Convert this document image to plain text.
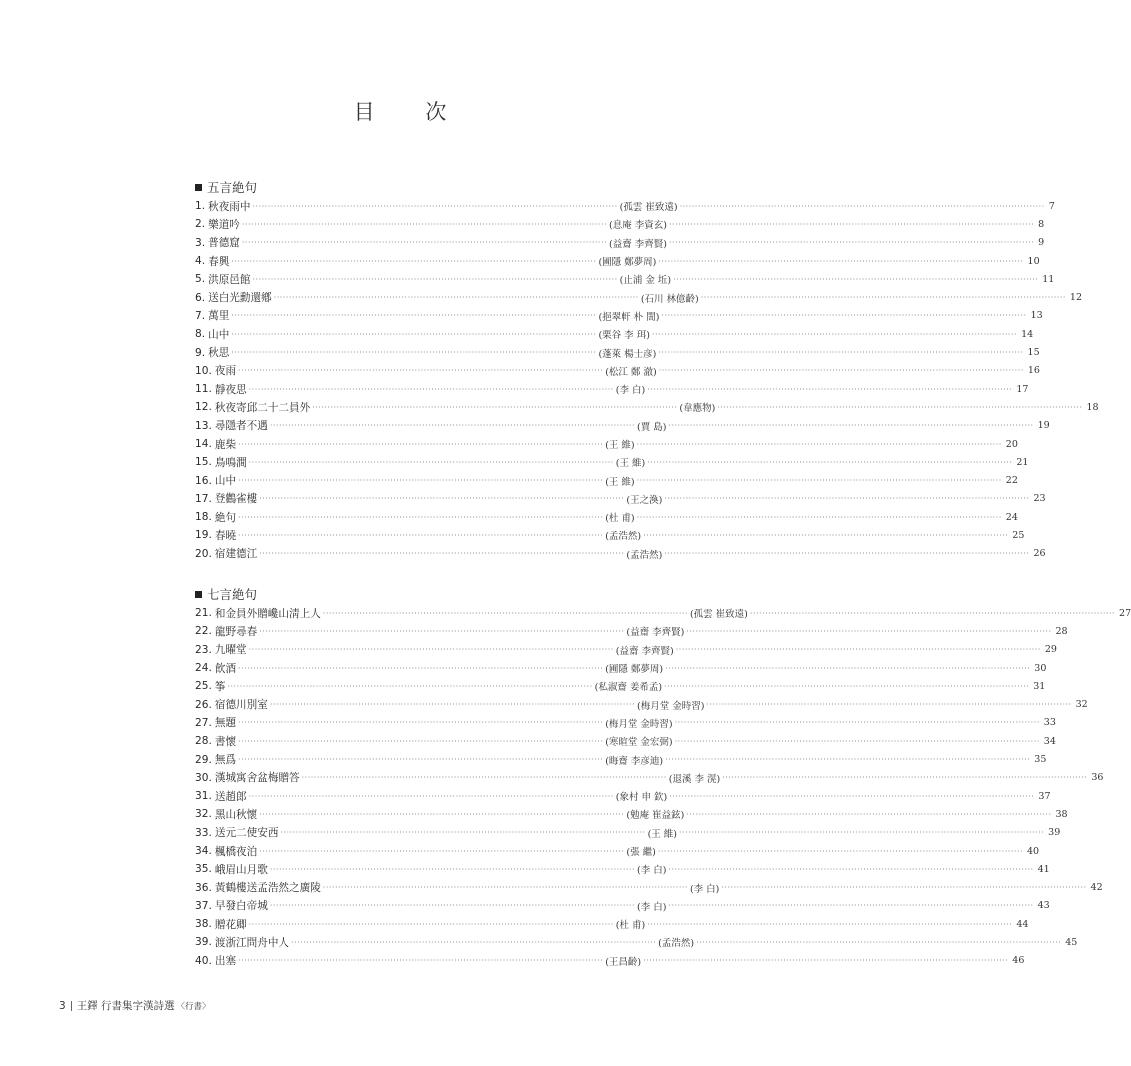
目 次
五言絶句
1. 秋夜雨中 ························································································································ (孤雲 崔致遠) ························································································································ 7
2. 樂道吟 ························································································································ (息庵 李資玄) ························································································································ 8
3. 普德窟 ························································································································ (益齋 李齊賢) ························································································································ 9
4. 春興 ························································································································ (圃隱 鄭夢周) ························································································································ 10
5. 洪原邑館 ························································································································ (止浦 金 坵) ························································································································ 11
6. 送白光勳還鄕 ························································································································ (石川 林億齡) ························································································································ 12
7. 萬里 ························································································································ (挹翠軒 朴 誾) ························································································································ 13
8. 山中 ························································································································ (栗谷 李 珥) ························································································································ 14
9. 秋思 ························································································································ (蓬萊 楊士彦) ························································································································ 15
10. 夜雨 ························································································································ (松江 鄭 澈) ························································································································ 16
11. 靜夜思 ························································································································ (李 白) ························································································································ 17
12. 秋夜寄邱二十二員外 ························································································································ (韋應物) ························································································································ 18
13. 尋隱者不遇 ························································································································ (賈 島) ························································································································ 19
14. 鹿柴 ························································································································ (王 維) ························································································································ 20
15. 鳥鳴澗 ························································································································ (王 維) ························································································································ 21
16. 山中 ························································································································ (王 維) ························································································································ 22
17. 登鸛雀樓 ························································································································ (王之渙) ························································································································ 23
18. 絶句 ························································································································ (杜 甫) ························································································································ 24
19. 春曉 ························································································································ (孟浩然) ························································································································ 25
20. 宿建德江 ························································································································ (孟浩然) ························································································································ 26
七言絶句
21. 和金員外贈巉山淸上人 ························································································································ (孤雲 崔致遠) ························································································································ 27
22. 龍野尋春 ························································································································ (益齋 李齊賢) ························································································································ 28
23. 九曜堂 ························································································································ (益齋 李齊賢) ························································································································ 29
24. 飮酒 ························································································································ (圃隱 鄭夢周) ························································································································ 30
25. 筝 ························································································································ (私淑齋 姜希孟) ························································································································ 31
26. 宿德川別室 ························································································································ (梅月堂 金時習) ························································································································ 32
27. 無題 ························································································································ (梅月堂 金時習) ························································································································ 33
28. 書懷 ························································································································ (寒暄堂 金宏弼) ························································································································ 34
29. 無爲 ························································································································ (晦齋 李彦迪) ························································································································ 35
30. 漢城寓舍盆梅贈答 ························································································································ (退溪 李 滉) ························································································································ 36
31. 送趙郎 ························································································································ (象村 申 欽) ························································································································ 37
32. 黑山秋懷 ························································································································ (勉庵 崔益鉉) ························································································································ 38
33. 送元二使安西 ························································································································ (王 維) ························································································································ 39
34. 楓橋夜泊 ························································································································ (張 繼) ························································································································ 40
35. 峨眉山月歌 ························································································································ (李 白) ························································································································ 41
36. 黃鶴樓送孟浩然之廣陵 ························································································································ (李 白) ························································································································ 42
37. 早發白帝城 ························································································································ (李 白) ························································································································ 43
38. 贈花卿 ························································································································ (杜 甫) ························································································································ 44
39. 渡浙江問舟中人 ························································································································ (孟浩然) ························································································································ 45
40. 出塞 ························································································································ (王昌齡) ························································································································ 46
3 王鐸 行書集字漢詩選 〈行書〉
